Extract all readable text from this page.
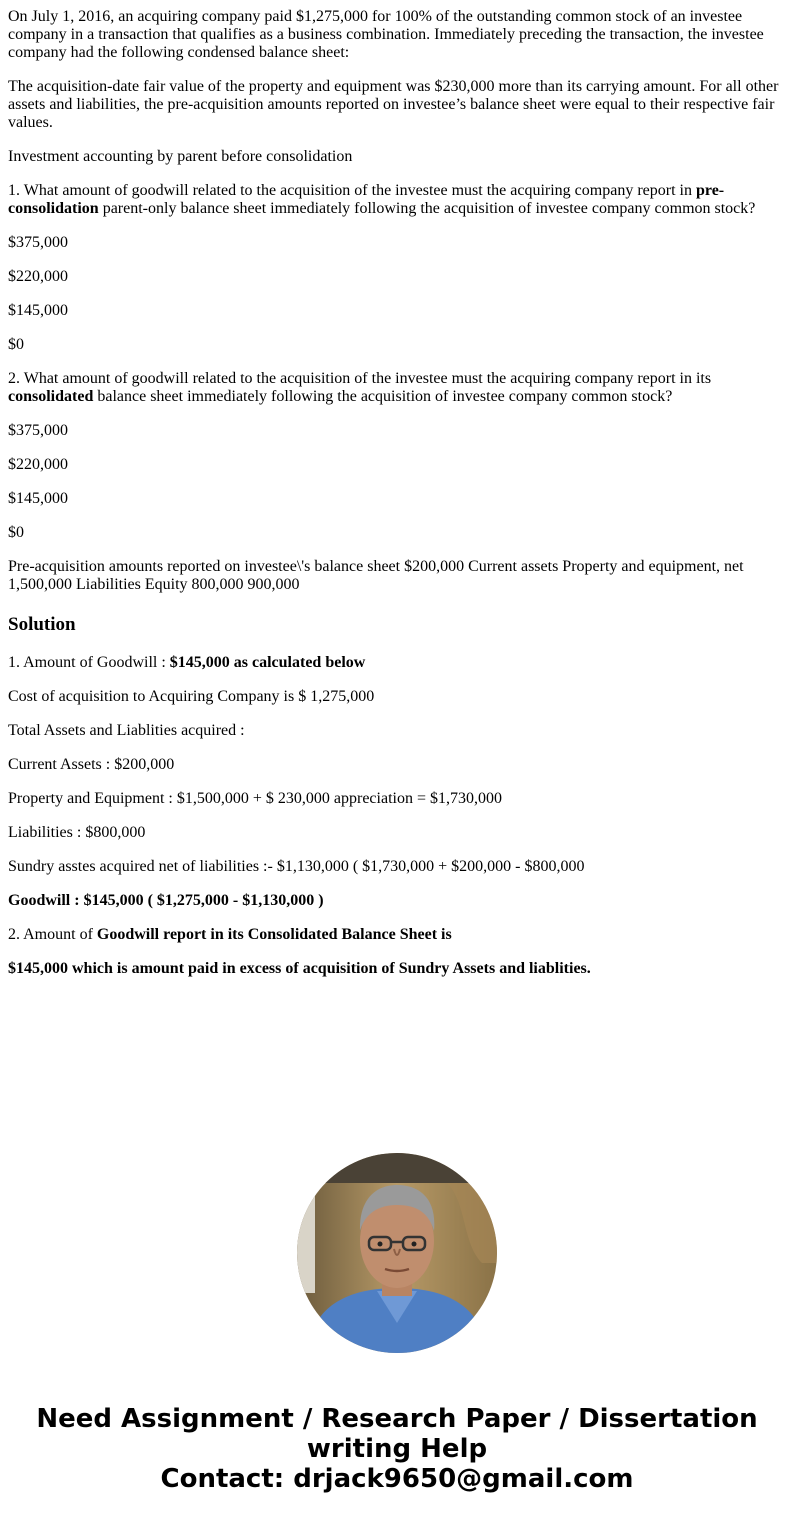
On July 1, 2016, an acquiring company paid $1,275,000 for 100% of the outstanding common stock of an investee company in a transaction that qualifies as a business combination. Immediately preceding the transaction, the investee company had the following condensed balance sheet:

The acquisition-date fair value of the property and equipment was $230,000 more than its carrying amount. For all other assets and liabilities, the pre-acquisition amounts reported on investee’s balance sheet were equal to their respective fair values.

Investment accounting by parent before consolidation

1. What amount of goodwill related to the acquisition of the investee must the acquiring company report in pre-consolidation parent-only balance sheet immediately following the acquisition of investee company common stock?

$375,000

$220,000

$145,000

$0

2. What amount of goodwill related to the acquisition of the investee must the acquiring company report in its consolidated balance sheet immediately following the acquisition of investee company common stock?

$375,000

$220,000

$145,000

$0

Pre-acquisition amounts reported on investee\'s balance sheet $200,000 Current assets Property and equipment, net 1,500,000 Liabilities Equity 800,000 900,000

Solution

1. Amount of Goodwill : $145,000 as calculated below

Cost of acquisition to Acquiring Company is $ 1,275,000

Total Assets and Liablities acquired :

Current Assets : $200,000

Property and Equipment : $1,500,000 + $ 230,000 appreciation = $1,730,000

Liabilities : $800,000

Sundry asstes acquired net of liabilities :- $1,130,000 ( $1,730,000 + $200,000 - $800,000

Goodwill : $145,000 ( $1,275,000 - $1,130,000 )

2. Amount of Goodwill report in its Consolidated Balance Sheet is

$145,000 which is amount paid in excess of acquisition of Sundry Assets and liablities.

Need Assignment / Research Paper / Dissertation
writing Help
Contact: drjack9650@gmail.com
